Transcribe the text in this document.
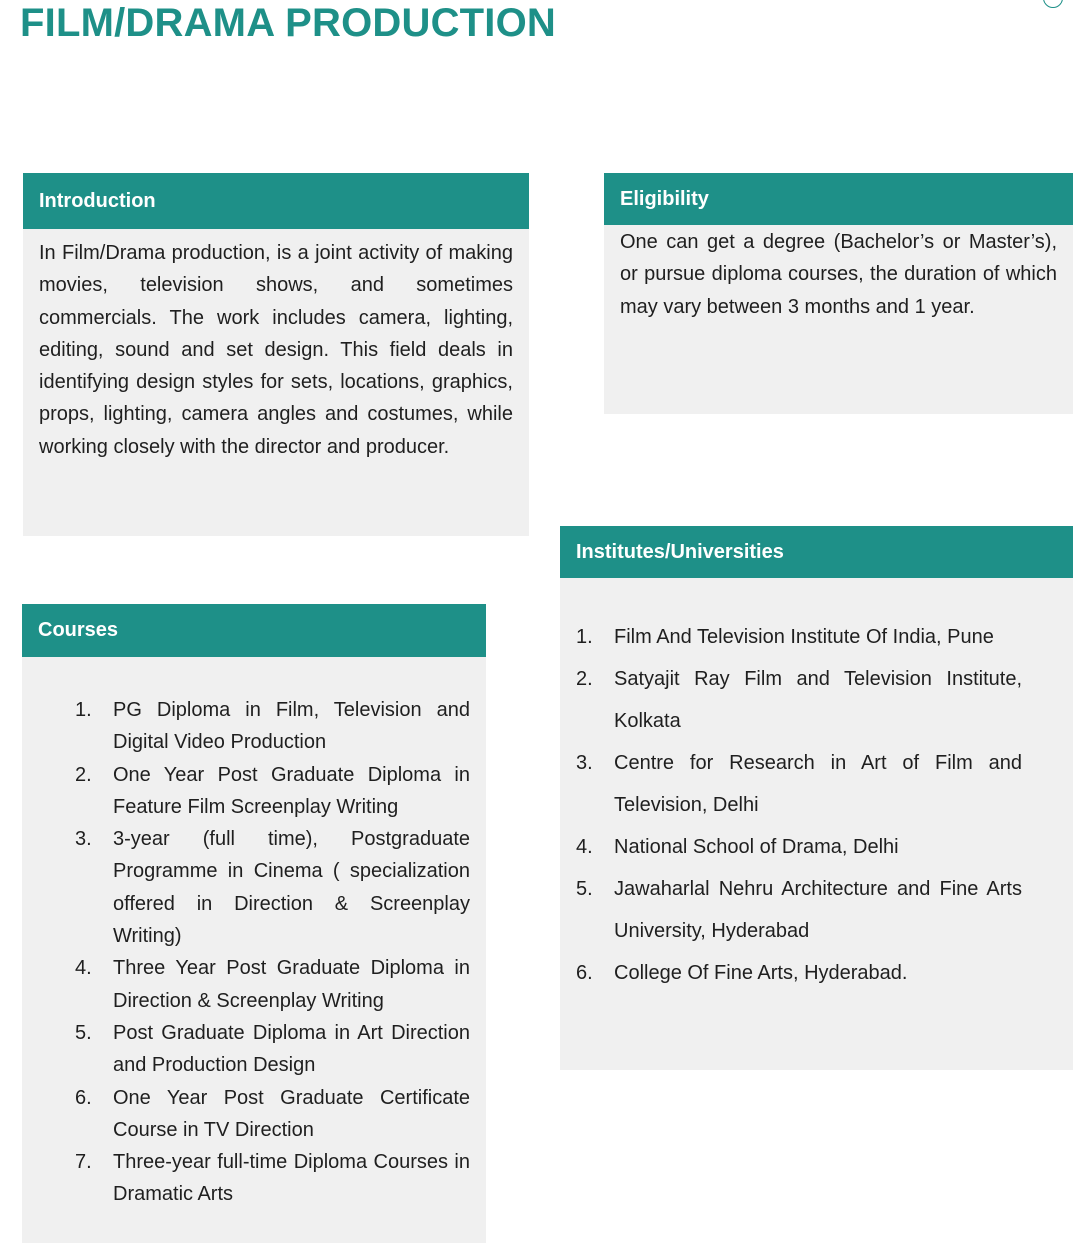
FILM/DRAMA PRODUCTION
Introduction
In Film/Drama production, is a joint activity of making movies, television shows, and sometimes commercials. The work includes camera, lighting, editing, sound and set design. This field deals in identifying design styles for sets, locations, graphics, props, lighting, camera angles and costumes, while working closely with the director and producer.
Eligibility
One can get a degree (Bachelor’s or Master’s), or pursue diploma courses, the duration of which may vary between 3 months and 1 year.
Courses
1. PG Diploma in Film, Television and Digital Video Production
2. One Year Post Graduate Diploma in Feature Film Screenplay Writing
3. 3-year (full time), Postgraduate Programme in Cinema ( specialization offered in Direction & Screenplay Writing)
4. Three Year Post Graduate Diploma in Direction & Screenplay Writing
5. Post Graduate Diploma in Art Direction and Production Design
6. One Year Post Graduate Certificate Course in TV Direction
7. Three-year full-time Diploma Courses in Dramatic Arts
Institutes/Universities
1. Film And Television Institute Of India, Pune
2. Satyajit Ray Film and Television Institute, Kolkata
3. Centre for Research in Art of Film and Television, Delhi
4. National School of Drama, Delhi
5. Jawaharlal Nehru Architecture and Fine Arts University, Hyderabad
6. College Of Fine Arts, Hyderabad.
